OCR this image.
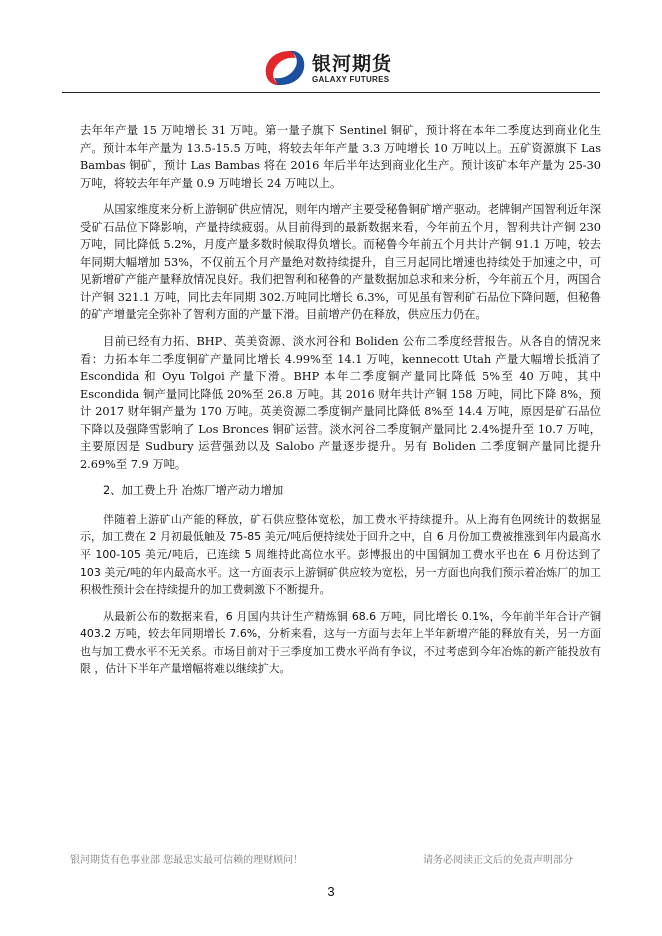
银河期货
GALAXY FUTURES

去年年产量 15 万吨增长 31 万吨。第一量子旗下 Sentinel 铜矿，预计将在本年二季度达到商业化生产。预计本年产量为 13.5-15.5 万吨，将较去年年产量 3.3 万吨增长 10 万吨以上。五矿资源旗下 Las Bambas 铜矿，预计 Las Bambas 将在 2016 年后半年达到商业化生产。预计该矿本年产量为 25-30 万吨，将较去年年产量 0.9 万吨增长 24 万吨以上。

从国家维度来分析上游铜矿供应情况，则年内增产主要受秘鲁铜矿增产驱动。老牌铜产国智利近年深受矿石品位下降影响，产量持续疲弱。从目前得到的最新数据来看，今年前五个月，智利共计产铜 230 万吨，同比降低 5.2%，月度产量多数时候取得负增长。而秘鲁今年前五个月共计产铜 91.1 万吨，较去年同期大幅增加 53%，不仅前五个月产量绝对数持续提升，自三月起同比增速也持续处于加速之中，可见新增矿产能产量释放情况良好。我们把智利和秘鲁的产量数据加总求和来分析，今年前五个月，两国合计产铜 321.1 万吨，同比去年同期 302.万吨同比增长 6.3%，可见虽有智利矿石品位下降问题，但秘鲁的矿产增量完全弥补了智利方面的产量下滑。目前增产仍在释放，供应压力仍在。

目前已经有力拓、BHP、英美资源、淡水河谷和 Boliden 公布二季度经营报告。从各自的情况来看：力拓本年二季度铜矿产量同比增长 4.99%至 14.1 万吨，kennecott Utah 产量大幅增长抵消了 Escondida 和 Oyu Tolgoi 产量下滑。BHP 本年二季度铜产量同比降低 5%至 40 万吨，其中 Escondida 铜产量同比降低 20%至 26.8 万吨。其 2016 财年共计产铜 158 万吨，同比下降 8%，预计 2017 财年铜产量为 170 万吨。英美资源二季度铜产量同比降低 8%至 14.4 万吨，原因是矿石品位下降以及强降雪影响了 Los Bronces 铜矿运营。淡水河谷二季度铜产量同比 2.4%提升至 10.7 万吨，主要原因是 Sudbury 运营强劲以及 Salobo 产量逐步提升。另有 Boliden 二季度铜产量同比提升 2.69%至 7.9 万吨。

2、加工费上升 冶炼厂增产动力增加

伴随着上游矿山产能的释放，矿石供应整体宽松，加工费水平持续提升。从上海有色网统计的数据显示，加工费在 2 月初最低触及 75-85 美元/吨后便持续处于回升之中，自 6 月份加工费被推涨到年内最高水平 100-105 美元/吨后，已连续 5 周维持此高位水平。彭博报出的中国铜加工费水平也在 6 月份达到了 103 美元/吨的年内最高水平。这一方面表示上游铜矿供应较为宽松，另一方面也向我们预示着冶炼厂的加工积极性预计会在持续提升的加工费刺激下不断提升。

从最新公布的数据来看，6 月国内共计生产精炼铜 68.6 万吨，同比增长 0.1%，今年前半年合计产铜 403.2 万吨，较去年同期增长 7.6%，分析来看，这与一方面与去年上半年新增产能的释放有关，另一方面也与加工费水平不无关系。市场目前对于三季度加工费水平尚有争议，不过考虑到今年冶炼的新产能投放有限 ，估计下半年产量增幅将难以继续扩大。

银河期货有色事业部 您最忠实最可信赖的理财顾问！	请务必阅读正文后的免责声明部分
3
